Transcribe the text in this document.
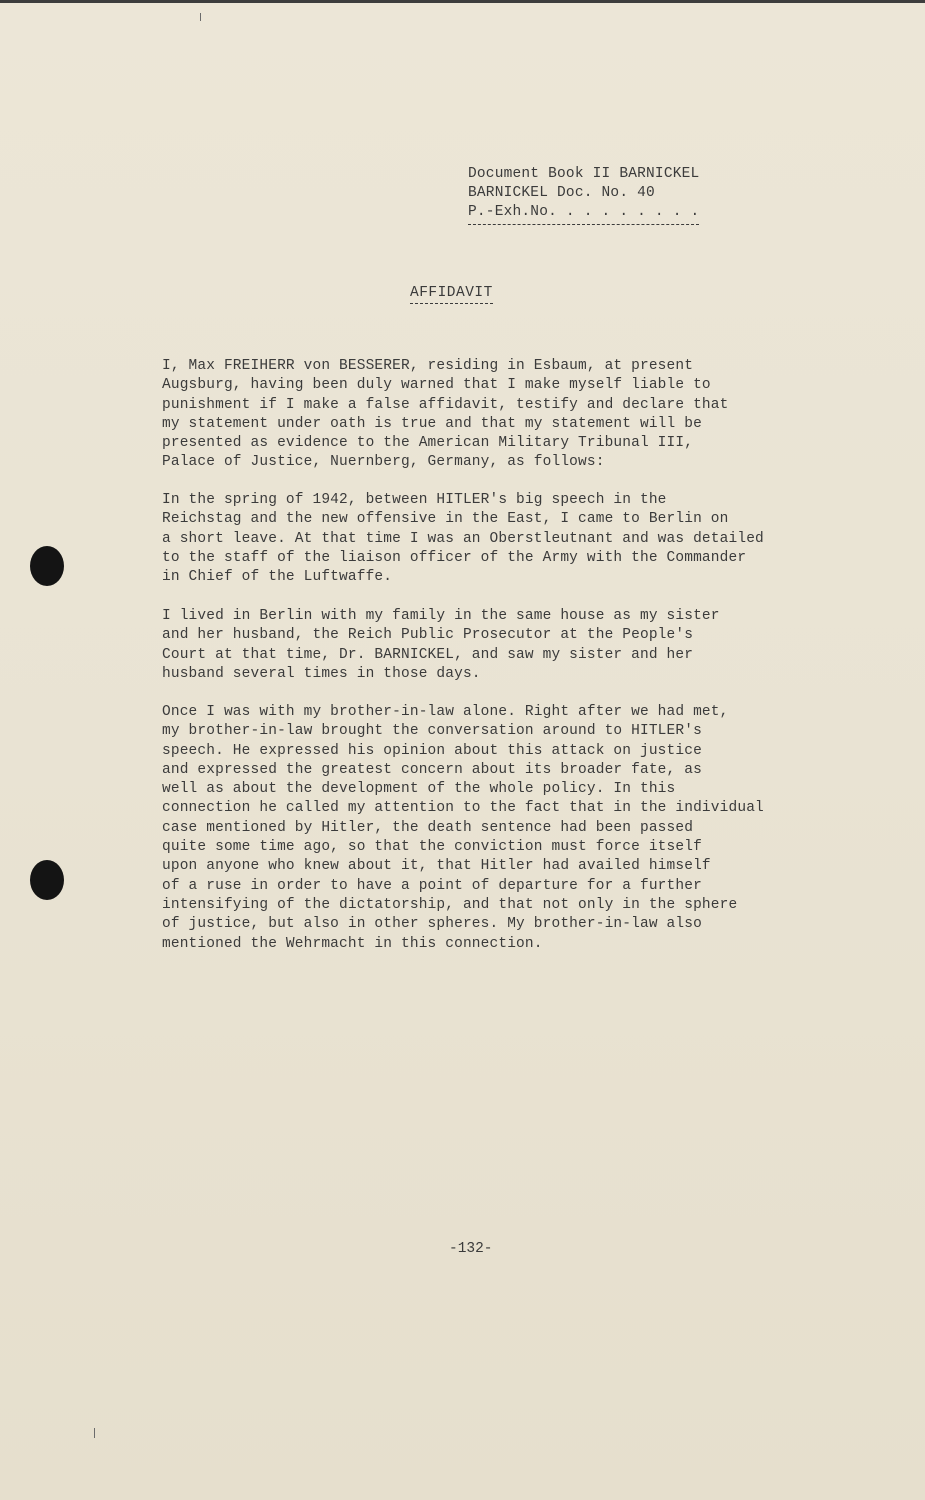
Document Book II BARNICKEL
BARNICKEL Doc. No. 40
P.-Exh.No. . . . . . . . .
AFFIDAVIT

I, Max FREIHERR von BESSERER, residing in Esbaum, at present
Augsburg, having been duly warned that I make myself liable to
punishment if I make a false affidavit, testify and declare that
my statement under oath is true and that my statement will be
presented as evidence to the American Military Tribunal III,
Palace of Justice, Nuernberg, Germany, as follows:

In the spring of 1942, between HITLER's big speech in the
Reichstag and the new offensive in the East, I came to Berlin on
a short leave. At that time I was an Oberstleutnant and was detailed
to the staff of the liaison officer of the Army with the Commander
in Chief of the Luftwaffe.

I lived in Berlin with my family in the same house as my sister
and her husband, the Reich Public Prosecutor at the People's
Court at that time, Dr. BARNICKEL, and saw my sister and her
husband several times in those days.

Once I was with my brother-in-law alone. Right after we had met,
my brother-in-law brought the conversation around to HITLER's
speech. He expressed his opinion about this attack on justice
and expressed the greatest concern about its broader fate, as
well as about the development of the whole policy. In this
connection he called my attention to the fact that in the individual
case mentioned by Hitler, the death sentence had been passed
quite some time ago, so that the conviction must force itself
upon anyone who knew about it, that Hitler had availed himself
of a ruse in order to have a point of departure for a further
intensifying of the dictatorship, and that not only in the sphere
of justice, but also in other spheres. My brother-in-law also
mentioned the Wehrmacht in this connection.

-132-
